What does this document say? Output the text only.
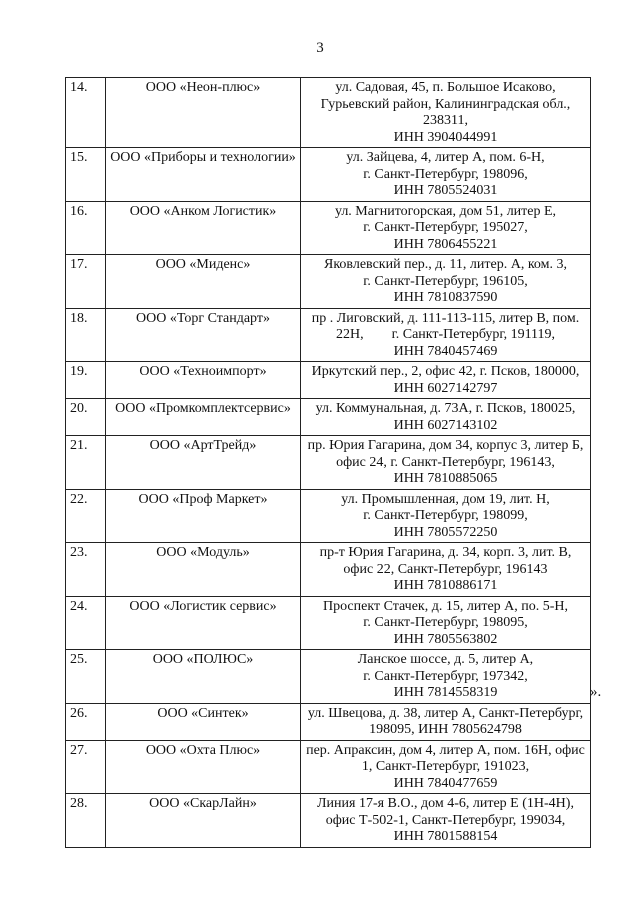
3
14.	ООО «Неон-плюс»	ул. Садовая, 45, п. Большое Исаково,
Гурьевский район, Калининградская обл.,
238311,
ИНН 3904044991

15.	ООО «Приборы и технологии»	ул. Зайцева, 4, литер А, пом. 6-Н,
г. Санкт-Петербург, 198096,
ИНН 7805524031

16.	ООО «Анком Логистик»	ул. Магнитогорская, дом 51, литер Е,
г. Санкт-Петербург, 195027,
ИНН 7806455221

17.	ООО «Миденс»	Яковлевский пер., д. 11, литер. А, ком. 3,
г. Санкт-Петербург, 196105,
ИНН 7810837590

18.	ООО «Торг Стандарт»	пр . Лиговский, д. 111-113-115, литер В, пом.
22Н,        г. Санкт-Петербург, 191119,
ИНН 7840457469

19.	ООО «Техноимпорт»	Иркутский пер., 2, офис 42, г. Псков, 180000,
ИНН 6027142797

20.	ООО «Промкомплектсервис»	ул. Коммунальная, д. 73А, г. Псков, 180025,
ИНН 6027143102

21.	ООО «АртТрейд»	пр. Юрия Гагарина, дом 34, корпус 3, литер Б,
офис 24, г. Санкт-Петербург, 196143,
ИНН 7810885065

22.	ООО «Проф Маркет»	ул. Промышленная, дом 19, лит. Н,
г. Санкт-Петербург, 198099,
ИНН 7805572250

23.	ООО «Модуль»	пр-т Юрия Гагарина, д. 34, корп. 3, лит. В,
офис 22, Санкт-Петербург, 196143
ИНН 7810886171

24.	ООО «Логистик сервис»	Проспект Стачек, д. 15, литер А, по. 5-Н,
г. Санкт-Петербург, 198095,
ИНН 7805563802

25.	ООО «ПОЛЮС»	Ланское шоссе, д. 5, литер А,
г. Санкт-Петербург, 197342,
ИНН 7814558319

26.	ООО «Синтек»	ул. Швецова, д. 38, литер А, Санкт-Петербург,
198095, ИНН 7805624798

27.	ООО «Охта Плюс»	пер. Апраксин, дом 4, литер А, пом. 16Н, офис
1, Санкт-Петербург, 191023,
ИНН 7840477659

28.	ООО «СкарЛайн»	Линия 17-я В.О., дом 4-6, литер Е (1Н-4Н),
офис Т-502-1, Санкт-Петербург, 199034,
ИНН 7801588154
».
